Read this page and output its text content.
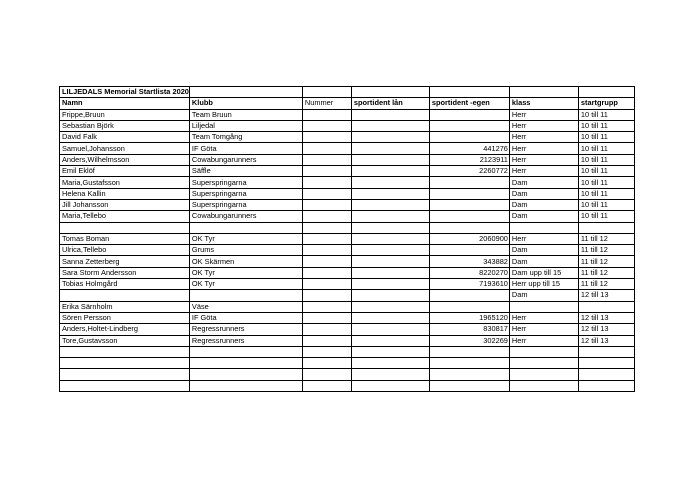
LILJEDALS Memorial Startlista 2020						
Namn	Klubb	Nummer	sportident lån	sportident -egen	klass	startgrupp
Frippe,Bruun	Team Bruun				Herr	10 till 11
Sebastian Björk	Liljedal				Herr	10 till 11
David Falk	Team Tomgång				Herr	10 till 11
Samuel,Johansson	IF Göta			441276	Herr	10 till 11
Anders,Wilhelmsson	Cowabungarunners			2123911	Herr	10 till 11
Emil Eklöf	Säffle			2260772	Herr	10 till 11
Maria,Gustafsson	Superspringarna				Dam	10 till 11
Helena Kallin	Superspringarna				Dam	10 till 11
Jill Johansson	Superspringarna				Dam	10 till 11
Maria,Tellebo	Cowabungarunners				Dam	10 till 11

Tomas Boman	OK Tyr			2060900	Herr	11 till 12
Ulrica,Tellebo	Grums				Dam	11 till 12
Sanna Zetterberg	OK Skärmen			343882	Dam	11 till 12
Sara Storm Andersson	OK Tyr			8220270	Dam upp till 15	11 till 12
Tobias Holmgård	OK Tyr			7193610	Herr upp till 15	11 till 12
					Dam	12 till 13
Erika Särnholm	Väse					
Sören Persson	IF Göta			1965120	Herr	12 till 13
Anders,Holtet-Lindberg	Regressrunners			830817	Herr	12 till 13
Tore,Gustavsson	Regressrunners			302269	Herr	12 till 13
